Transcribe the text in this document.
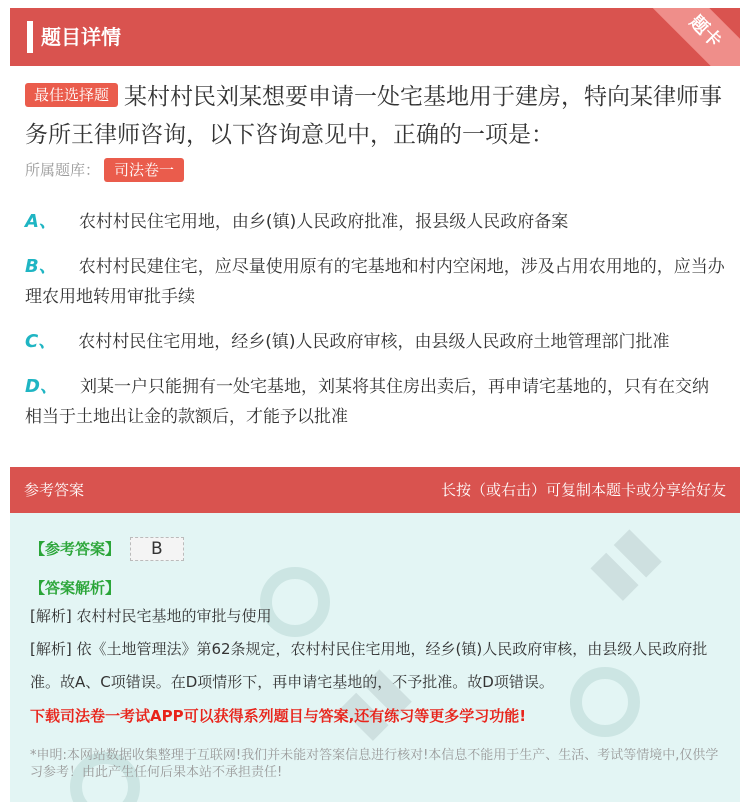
题目详情	题卡
最佳选择题 某村村民刘某想要申请一处宅基地用于建房，特向某律师事务所王律师咨询，以下咨询意见中，正确的一项是：
所属题库： 司法卷一
A、 农村村民住宅用地，由乡(镇)人民政府批准，报县级人民政府备案
B、 农村村民建住宅，应尽量使用原有的宅基地和村内空闲地，涉及占用农用地的，应当办理农用地转用审批手续
C、 农村村民住宅用地，经乡(镇)人民政府审核，由县级人民政府土地管理部门批准
D、 刘某一户只能拥有一处宅基地，刘某将其住房出卖后，再申请宅基地的，只有在交纳相当于土地出让金的款额后，才能予以批准
参考答案	长按（或右击）可复制本题卡或分享给好友
▮▮
▮▮
【参考答案】 B
【答案解析】
[解析] 农村村民宅基地的审批与使用
[解析] 依《土地管理法》第62条规定，农村村民住宅用地，经乡(镇)人民政府审核，由县级人民政府批准。故A、C项错误。在D项情形下，再申请宅基地的，不予批准。故D项错误。
下载司法卷一考试APP可以获得系列题目与答案,还有练习等更多学习功能!
*申明:本网站数据收集整理于互联网!我们并未能对答案信息进行核对!本信息不能用于生产、生活、考试等情境中,仅供学习参考！由此产生任何后果本站不承担责任!
